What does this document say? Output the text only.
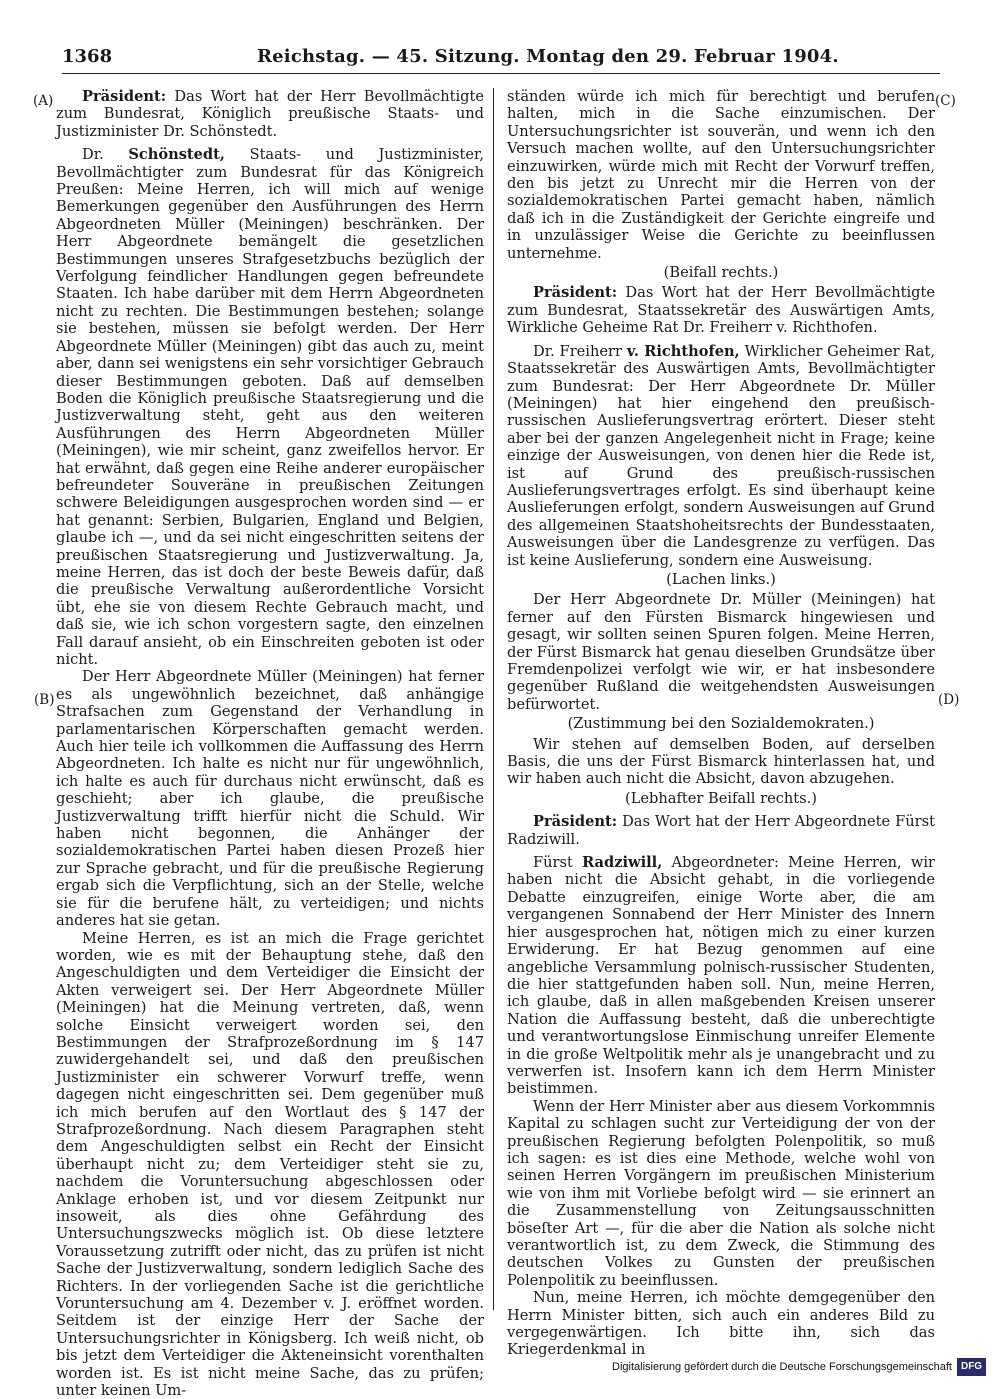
1368	Reichstag. — 45. Sitzung. Montag den 29. Februar 1904.
(A)
(B)
(C)
(D)

Präsident: Das Wort hat der Herr Bevollmächtigte zum Bundesrat, Königlich preußische Staats- und Justizminister Dr. Schönstedt.

Dr. Schönstedt, Staats- und Justizminister, Bevollmächtigter zum Bundesrat für das Königreich Preußen: Meine Herren, ich will mich auf wenige Bemerkungen gegenüber den Ausführungen des Herrn Abgeordneten Müller (Meiningen) beschränken. Der Herr Abgeordnete bemängelt die gesetzlichen Bestimmungen unseres Strafgesetzbuchs bezüglich der Verfolgung feindlicher Handlungen gegen befreundete Staaten. Ich habe darüber mit dem Herrn Abgeordneten nicht zu rechten. Die Bestimmungen bestehen; solange sie bestehen, müssen sie befolgt werden. Der Herr Abgeordnete Müller (Meiningen) gibt das auch zu, meint aber, dann sei wenigstens ein sehr vorsichtiger Gebrauch dieser Bestimmungen geboten. Daß auf demselben Boden die Königlich preußische Staatsregierung und die Justizverwaltung steht, geht aus den weiteren Ausführungen des Herrn Abgeordneten Müller (Meiningen), wie mir scheint, ganz zweifellos hervor. Er hat erwähnt, daß gegen eine Reihe anderer europäischer befreundeter Souveräne in preußischen Zeitungen schwere Beleidigungen ausgesprochen worden sind — er hat genannt: Serbien, Bulgarien, England und Belgien, glaube ich —, und da sei nicht eingeschritten seitens der preußischen Staatsregierung und Justizverwaltung. Ja, meine Herren, das ist doch der beste Beweis dafür, daß die preußische Verwaltung außerordentliche Vorsicht übt, ehe sie von diesem Rechte Gebrauch macht, und daß sie, wie ich schon vorgestern sagte, den einzelnen Fall darauf ansieht, ob ein Einschreiten geboten ist oder nicht.

Der Herr Abgeordnete Müller (Meiningen) hat ferner es als ungewöhnlich bezeichnet, daß anhängige Strafsachen zum Gegenstand der Verhandlung in parlamentarischen Körperschaften gemacht werden. Auch hier teile ich vollkommen die Auffassung des Herrn Abgeordneten. Ich halte es nicht nur für ungewöhnlich, ich halte es auch für durchaus nicht erwünscht, daß es geschieht; aber ich glaube, die preußische Justizverwaltung trifft hierfür nicht die Schuld. Wir haben nicht begonnen, die Anhänger der sozialdemokratischen Partei haben diesen Prozeß hier zur Sprache gebracht, und für die preußische Regierung ergab sich die Verpflichtung, sich an der Stelle, welche sie für die berufene hält, zu verteidigen; und nichts anderes hat sie getan.

Meine Herren, es ist an mich die Frage gerichtet worden, wie es mit der Behauptung stehe, daß den Angeschuldigten und dem Verteidiger die Einsicht der Akten verweigert sei. Der Herr Abgeordnete Müller (Meiningen) hat die Meinung vertreten, daß, wenn solche Einsicht verweigert worden sei, den Bestimmungen der Strafprozeßordnung im § 147 zuwidergehandelt sei, und daß den preußischen Justizminister ein schwerer Vorwurf treffe, wenn dagegen nicht eingeschritten sei. Dem gegenüber muß ich mich berufen auf den Wortlaut des § 147 der Strafprozeßordnung. Nach diesem Paragraphen steht dem Angeschuldigten selbst ein Recht der Einsicht überhaupt nicht zu; dem Verteidiger steht sie zu, nachdem die Voruntersuchung abgeschlossen oder Anklage erhoben ist, und vor diesem Zeitpunkt nur insoweit, als dies ohne Gefährdung des Untersuchungszwecks möglich ist. Ob diese letztere Voraussetzung zutrifft oder nicht, das zu prüfen ist nicht Sache der Justizverwaltung, sondern lediglich Sache des Richters. In der vorliegenden Sache ist die gerichtliche Voruntersuchung am 4. Dezember v. J. eröffnet worden. Seitdem ist der einzige Herr der Sache der Untersuchungsrichter in Königsberg. Ich weiß nicht, ob bis jetzt dem Verteidiger die Akteneinsicht vorenthalten worden ist. Es ist nicht meine Sache, das zu prüfen; unter keinen Um-

ständen würde ich mich für berechtigt und berufen halten, mich in die Sache einzumischen. Der Untersuchungsrichter ist souverän, und wenn ich den Versuch machen wollte, auf den Untersuchungsrichter einzuwirken, würde mich mit Recht der Vorwurf treffen, den bis jetzt zu Unrecht mir die Herren von der sozialdemokratischen Partei gemacht haben, nämlich daß ich in die Zuständigkeit der Gerichte eingreife und in unzulässiger Weise die Gerichte zu beeinflussen unternehme.

(Beifall rechts.)

Präsident: Das Wort hat der Herr Bevollmächtigte zum Bundesrat, Staatssekretär des Auswärtigen Amts, Wirkliche Geheime Rat Dr. Freiherr v. Richthofen.

Dr. Freiherr v. Richthofen, Wirklicher Geheimer Rat, Staatssekretär des Auswärtigen Amts, Bevollmächtigter zum Bundesrat: Der Herr Abgeordnete Dr. Müller (Meiningen) hat hier eingehend den preußisch-russischen Auslieferungsvertrag erörtert. Dieser steht aber bei der ganzen Angelegenheit nicht in Frage; keine einzige der Ausweisungen, von denen hier die Rede ist, ist auf Grund des preußisch-russischen Auslieferungsvertrages erfolgt. Es sind überhaupt keine Auslieferungen erfolgt, sondern Ausweisungen auf Grund des allgemeinen Staatshoheitsrechts der Bundesstaaten, Ausweisungen über die Landesgrenze zu verfügen. Das ist keine Auslieferung, sondern eine Ausweisung.

(Lachen links.)

Der Herr Abgeordnete Dr. Müller (Meiningen) hat ferner auf den Fürsten Bismarck hingewiesen und gesagt, wir sollten seinen Spuren folgen. Meine Herren, der Fürst Bismarck hat genau dieselben Grundsätze über Fremdenpolizei verfolgt wie wir, er hat insbesondere gegenüber Rußland die weitgehendsten Ausweisungen befürwortet.

(Zustimmung bei den Sozialdemokraten.)

Wir stehen auf demselben Boden, auf derselben Basis, die uns der Fürst Bismarck hinterlassen hat, und wir haben auch nicht die Absicht, davon abzugehen.

(Lebhafter Beifall rechts.)

Präsident: Das Wort hat der Herr Abgeordnete Fürst Radziwill.

Fürst Radziwill, Abgeordneter: Meine Herren, wir haben nicht die Absicht gehabt, in die vorliegende Debatte einzugreifen, einige Worte aber, die am vergangenen Sonnabend der Herr Minister des Innern hier ausgesprochen hat, nötigen mich zu einer kurzen Erwiderung. Er hat Bezug genommen auf eine angebliche Versammlung polnisch-russischer Studenten, die hier stattgefunden haben soll. Nun, meine Herren, ich glaube, daß in allen maßgebenden Kreisen unserer Nation die Auffassung besteht, daß die unberechtigte und verantwortungslose Einmischung unreifer Elemente in die große Weltpolitik mehr als je unangebracht und zu verwerfen ist. Insofern kann ich dem Herrn Minister beistimmen.

Wenn der Herr Minister aber aus diesem Vorkommnis Kapital zu schlagen sucht zur Verteidigung der von der preußischen Regierung befolgten Polenpolitik, so muß ich sagen: es ist dies eine Methode, welche wohl von seinen Herren Vorgängern im preußischen Ministerium wie von ihm mit Vorliebe befolgt wird — sie erinnert an die Zusammenstellung von Zeitungsausschnitten böseſter Art —, für die aber die Nation als solche nicht verantwortlich ist, zu dem Zweck, die Stimmung des deutschen Volkes zu Gunsten der preußischen Polenpolitik zu beeinflussen.

Nun, meine Herren, ich möchte demgegenüber den Herrn Minister bitten, sich auch ein anderes Bild zu vergegenwärtigen. Ich bitte ihn, sich das Kriegerdenkmal in

Digitalisierung gefördert durch die Deutsche Forschungsgemeinschaft DFG
